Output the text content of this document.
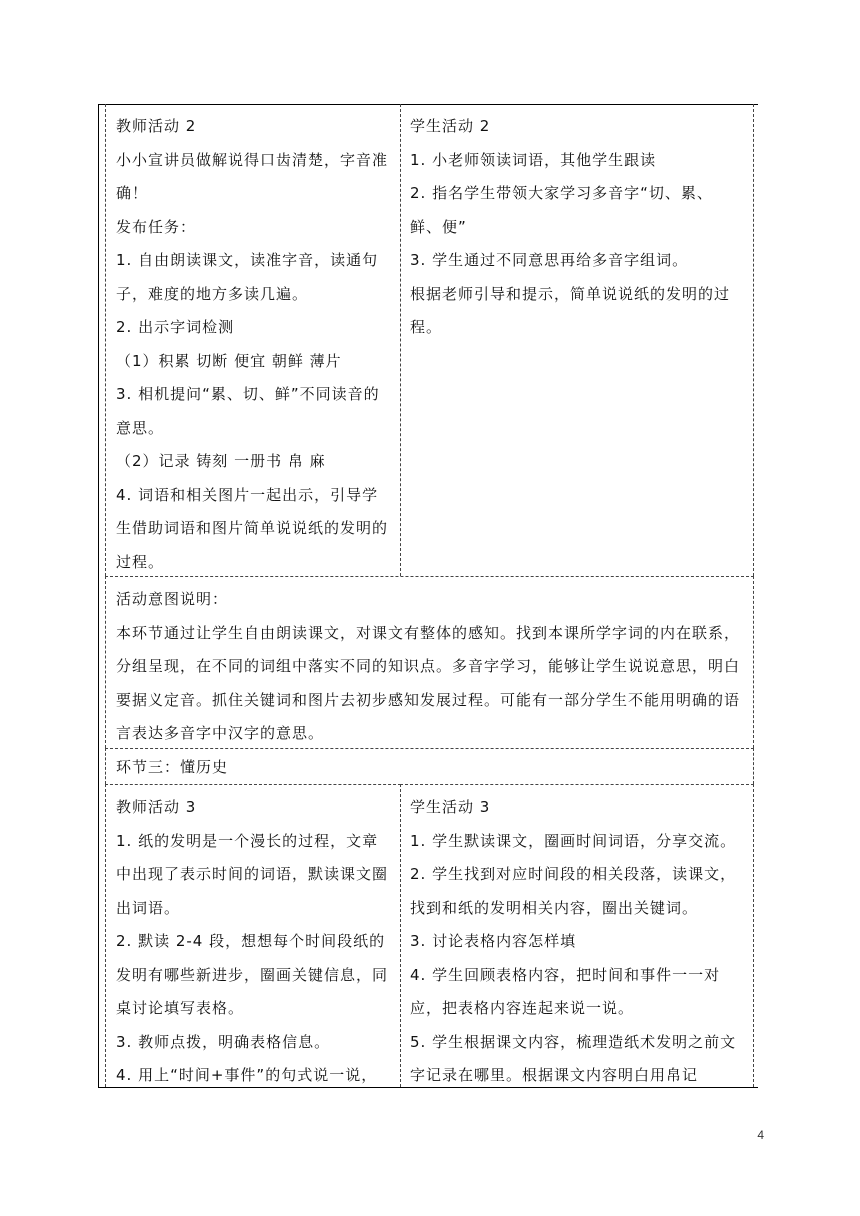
教师活动 2

小小宣讲员做解说得口齿清楚，字音准确！

发布任务：

1. 自由朗读课文，读准字音，读通句子，难度的地方多读几遍。

2. 出示字词检测

（1）积累 切断 便宜 朝鲜 薄片

3. 相机提问“累、切、鲜”不同读音的意思。

（2）记录 铸刻 一册书 帛 麻

4. 词语和相关图片一起出示，引导学生借助词语和图片简单说说纸的发明的过程。

学生活动 2

1. 小老师领读词语，其他学生跟读

2. 指名学生带领大家学习多音字“切、累、鲜、便”

3. 学生通过不同意思再给多音字组词。

根据老师引导和提示，简单说说纸的发明的过程。

活动意图说明：

本环节通过让学生自由朗读课文，对课文有整体的感知。找到本课所学字词的内在联系，分组呈现，在不同的词组中落实不同的知识点。多音字学习，能够让学生说说意思，明白要据义定音。抓住关键词和图片去初步感知发展过程。可能有一部分学生不能用明确的语言表达多音字中汉字的意思。

环节三：懂历史

教师活动 3

1. 纸的发明是一个漫长的过程，文章中出现了表示时间的词语，默读课文圈出词语。

2. 默读 2-4 段，想想每个时间段纸的发明有哪些新进步，圈画关键信息，同桌讨论填写表格。

3. 教师点拨，明确表格信息。

4. 用上“时间+事件”的句式说一说，

学生活动 3

1. 学生默读课文，圈画时间词语，分享交流。

2. 学生找到对应时间段的相关段落，读课文，找到和纸的发明相关内容，圈出关键词。

3. 讨论表格内容怎样填

4. 学生回顾表格内容，把时间和事件一一对应，把表格内容连起来说一说。

5. 学生根据课文内容，梳理造纸术发明之前文字记录在哪里。根据课文内容明白用帛记

4
